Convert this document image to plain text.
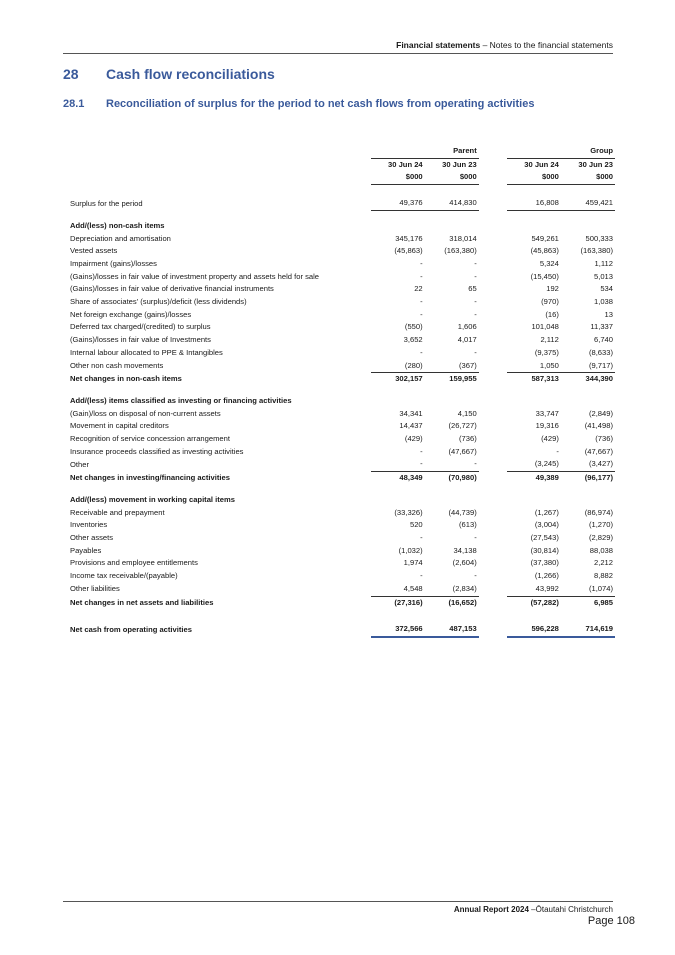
Financial statements – Notes to the financial statements
28 Cash flow reconciliations
28.1 Reconciliation of surplus for the period to net cash flows from operating activities
		Parent			Group
	30 Jun 24	30 Jun 23		30 Jun 24	30 Jun 23
	$000	$000		$000	$000

Surplus for the period	49,376	414,830		16,808	459,421

Add/(less) non-cash items					
Depreciation and amortisation	345,176	318,014		549,261	500,333
Vested assets	(45,863)	(163,380)		(45,863)	(163,380)
Impairment (gains)/losses	-	-		5,324	1,112
(Gains)/losses in fair value of investment property and assets held for sale	-	-		(15,450)	5,013
(Gains)/losses in fair value of derivative financial instruments	22	65		192	534
Share of associates' (surplus)/deficit (less dividends)	-	-		(970)	1,038
Net foreign exchange (gains)/losses	-	-		(16)	13
Deferred tax charged/(credited) to surplus	(550)	1,606		101,048	11,337
(Gains)/losses in fair value of Investments	3,652	4,017		2,112	6,740
Internal labour allocated to PPE & Intangibles	-	-		(9,375)	(8,633)
Other non cash movements	(280)	(367)		1,050	(9,717)
Net changes in non-cash items	302,157	159,955		587,313	344,390

Add/(less) items classified as investing or financing activities					
(Gain)/loss on disposal of non-current assets	34,341	4,150		33,747	(2,849)
Movement in capital creditors	14,437	(26,727)		19,316	(41,498)
Recognition of service concession arrangement	(429)	(736)		(429)	(736)
Insurance proceeds classified as investing activities	-	(47,667)		-	(47,667)
Other	-	-		(3,245)	(3,427)
Net changes in investing/financing activities	48,349	(70,980)		49,389	(96,177)

Add/(less) movement in working capital items					
Receivable and prepayment	(33,326)	(44,739)		(1,267)	(86,974)
Inventories	520	(613)		(3,004)	(1,270)
Other assets	-	-		(27,543)	(2,829)
Payables	(1,032)	34,138		(30,814)	88,038
Provisions and employee entitlements	1,974	(2,604)		(37,380)	2,212
Income tax receivable/(payable)	-	-		(1,266)	8,882
Other liabilities	4,548	(2,834)		43,992	(1,074)
Net changes in net assets and liabilities	(27,316)	(16,652)		(57,282)	6,985

Net cash from operating activities	372,566	487,153		596,228	714,619
Annual Report 2024 –Ōtautahi Christchurch
Page 108
